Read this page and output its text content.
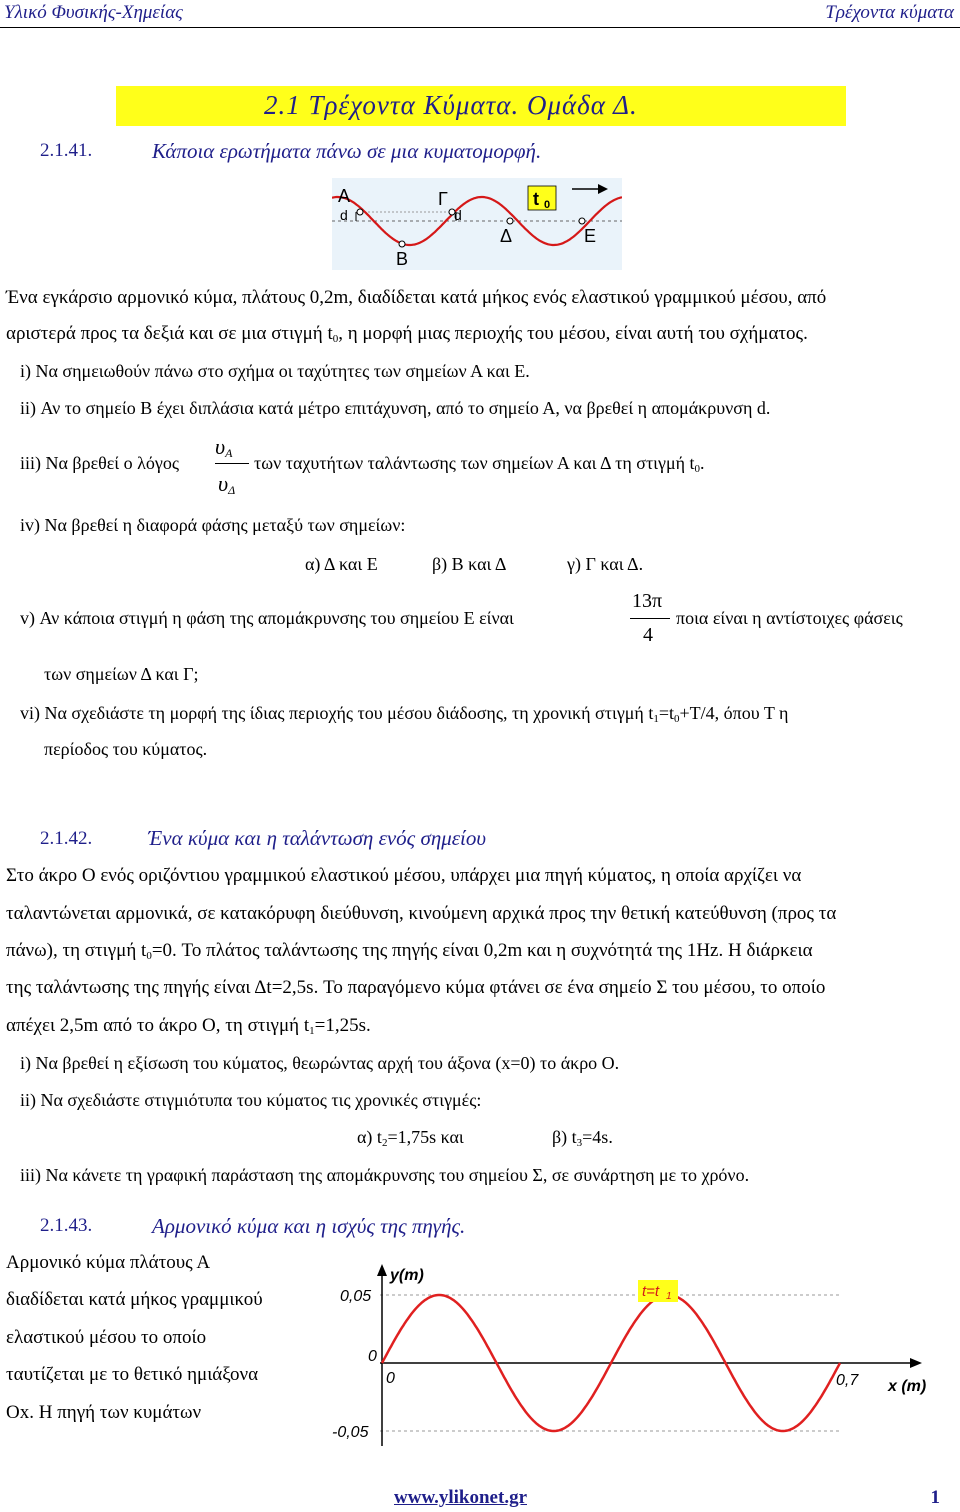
Υλικό Φυσικής-Χημείας	Τρέχοντα κύματα
2.1 Τρέχοντα Κύματα. Ομάδα Δ.
2.1.41.	Κάποια ερωτήματα πάνω σε μια κυματομορφή.
A
d
Γ
d
B
Δ	E
t 0
Ένα εγκάρσιο αρμονικό κύμα, πλάτους 0,2m, διαδίδεται κατά μήκος ενός ελαστικού γραμμικού μέσου, από
αριστερά προς τα δεξιά και σε μια στιγμή $t_0$, η μορφή μιας περιοχής του μέσου, είναι αυτή του σχήματος.
i) Να σημειωθούν πάνω στο σχήμα οι ταχύτητες των σημείων Α και Ε.
ii) Αν το σημείο Β έχει διπλάσια κατά μέτρο επιτάχυνση, από το σημείο Α, να βρεθεί η απομάκρυνση d.
iii) Να βρεθεί ο λόγος
$\upsilon_A$
$\upsilon_\Delta$
των ταχυτήτων ταλάντωσης των σημείων Α και Δ τη στιγμή $t_0$.
iv) Να βρεθεί η διαφορά φάσης μεταξύ των σημείων:
α) Δ και Ε	β) Β και Δ	γ) Γ και Δ.
v) Αν κάποια στιγμή η φάση της απομάκρυνσης του σημείου Ε είναι
13π
4
ποια είναι η αντίστοιχες φάσεις
των σημείων Δ και Γ;
vi) Να σχεδιάστε τη μορφή της ίδιας περιοχής του μέσου διάδοσης, τη χρονική στιγμή $t_1=t_0+T/4$, όπου Τ η
περίοδος του κύματος.
2.1.42.	Ένα κύμα και η ταλάντωση ενός σημείου
Στο άκρο Ο ενός οριζόντιου γραμμικού ελαστικού μέσου, υπάρχει μια πηγή κύματος, η οποία αρχίζει να
ταλαντώνεται αρμονικά, σε κατακόρυφη διεύθυνση, κινούμενη αρχικά προς την θετική κατεύθυνση (προς τα
πάνω), τη στιγμή $t_0=0$. Το πλάτος ταλάντωσης της πηγής είναι 0,2m και η συχνότητά της 1Hz. Η διάρκεια
της ταλάντωσης της πηγής είναι Δt=2,5s. Το παραγόμενο κύμα φτάνει σε ένα σημείο Σ του μέσου, το οποίο
απέχει 2,5m από το άκρο Ο, τη στιγμή $t_1=1,25s$.
i) Να βρεθεί η εξίσωση του κύματος, θεωρώντας αρχή του άξονα (x=0) το άκρο Ο.
ii) Να σχεδιάστε στιγμιότυπα του κύματος τις χρονικές στιγμές:
α) $t_2=1,75s$ και	β) $t_3=4s$.
iii) Να κάνετε τη γραφική παράσταση της απομάκρυνσης του σημείου Σ, σε συνάρτηση με το χρόνο.
2.1.43.	Αρμονικό κύμα και η ισχύς της πηγής.
Αρμονικό κύμα πλάτους Α
διαδίδεται κατά μήκος γραμμικού
ελαστικού μέσου το οποίο
ταυτίζεται με το θετικό ημιάξονα
Οx. Η πηγή των κυμάτων
y(m)
0,05
0
-0,05
0	0,7 x (m)
t=t 1
www.ylikonet.gr	1
